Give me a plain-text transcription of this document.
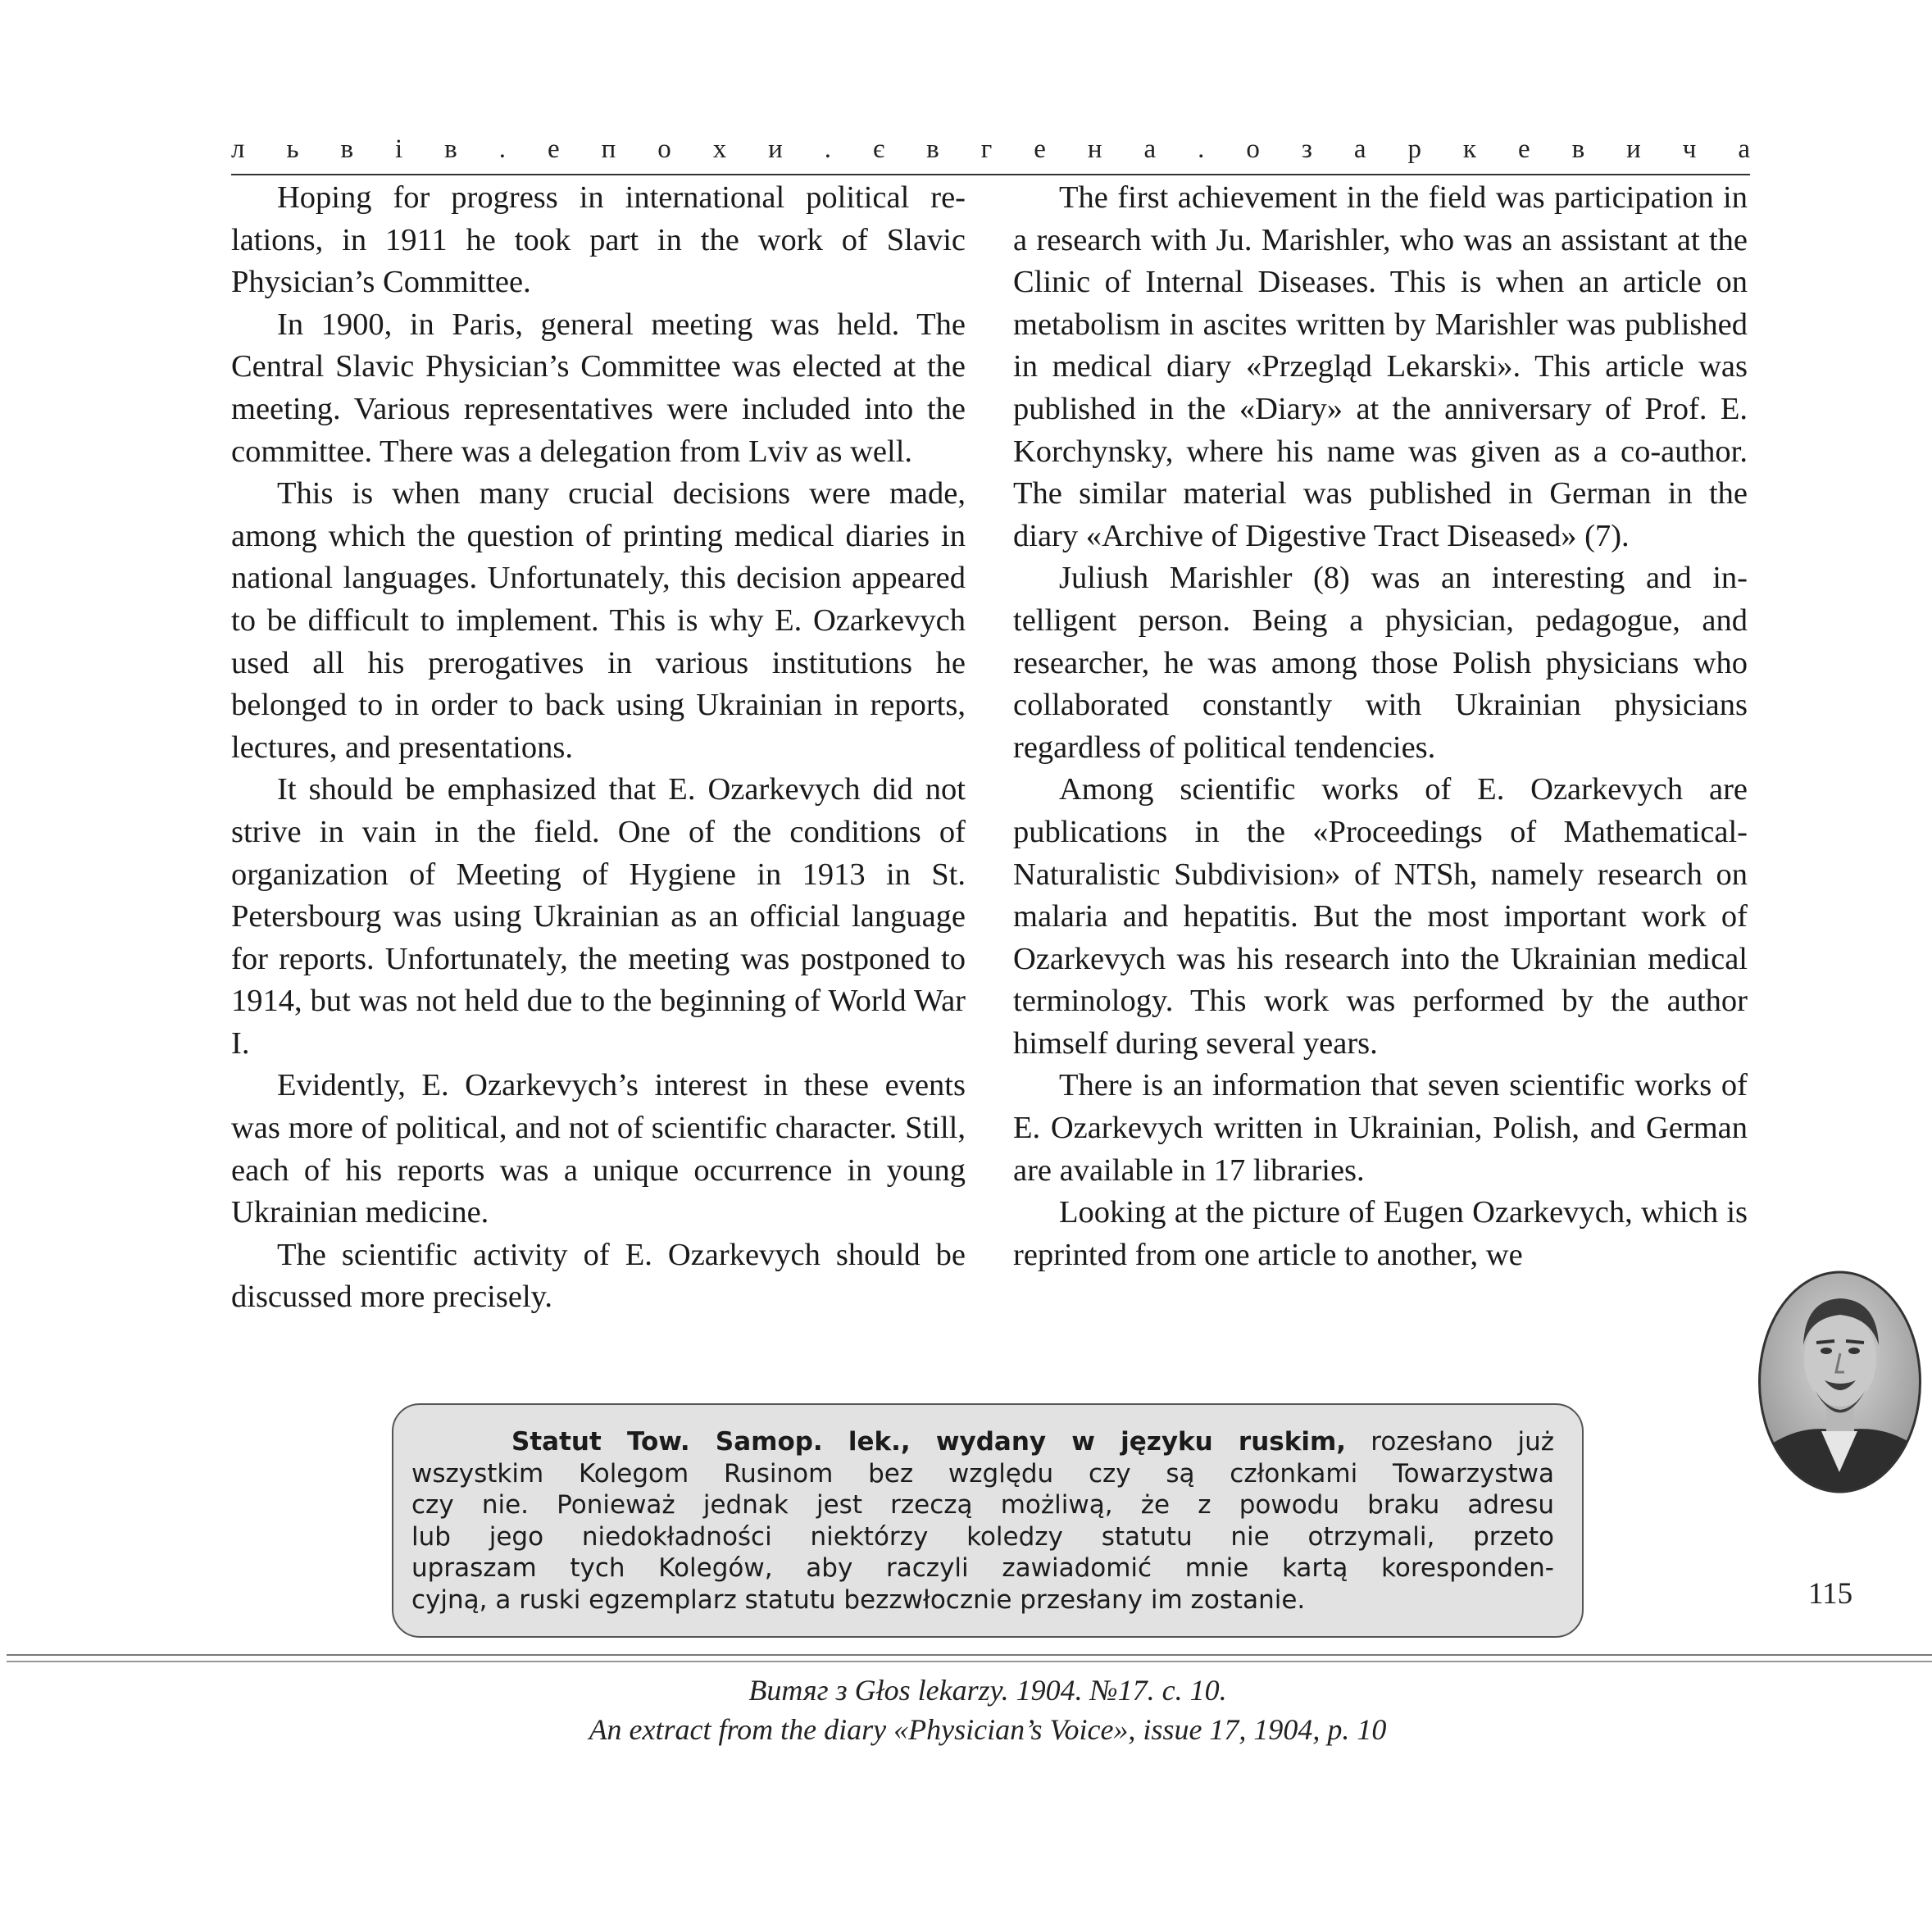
л ь в і в . е п о х и . є в г е н а . о з а р к е в и ч а

Hoping for progress in international political relations, in 1911 he took part in the work of Slavic Physician’s Committee.

In 1900, in Paris, general meeting was held. The Central Slavic Physician’s Committee was elected at the meeting. Various representatives were included into the committee. There was a delegation from Lviv as well.

This is when many crucial decisions were made, among which the question of printing medical diaries in national languages. Unfortunately, this decision appeared to be difficult to implement. This is why E. Ozarkevych used all his prerogatives in various institutions he belonged to in order to back using Ukrainian in reports, lectures, and presentations.

It should be emphasized that E. Ozarkevych did not strive in vain in the field. One of the conditions of organization of Meeting of Hygiene in 1913 in St. Petersbourg was using Ukrainian as an official language for reports. Unfortunately, the meeting was postponed to 1914, but was not held due to the beginning of World War I.

Evidently, E. Ozarkevych’s interest in these events was more of political, and not of scientific character. Still, each of his reports was a unique occurrence in young Ukrainian medicine.

The scientific activity of E. Ozarkevych should be discussed more precisely.

The first achievement in the field was participation in a research with Ju. Marishler, who was an assistant at the Clinic of Internal Diseases. This is when an article on metabolism in ascites written by Marishler was published in medical diary «Przegląd Lekarski». This article was published in the «Diary» at the anniversary of Prof. E. Korchynsky, where his name was given as a co-author. The similar material was published in German in the diary «Archive of Digestive Tract Diseased» (7).

Juliush Marishler (8) was an interesting and intelligent person. Being a physician, pedagogue, and researcher, he was among those Polish physicians who collaborated constantly with Ukrainian physicians regardless of political tendencies.

Among scientific works of E. Ozarkevych are publications in the «Proceedings of Mathematical-Naturalistic Subdivision» of NTSh, namely research on malaria and hepatitis. But the most important work of Ozarkevych was his research into the Ukrainian medical terminology. This work was performed by the author himself during several years.

There is an information that seven scientific works of E. Ozarkevych written in Ukrainian, Polish, and German are available in 17 libraries.

Looking at the picture of Eugen Ozarkevych, which is reprinted from one article to another, we

115
Statut Tow. Samop. lek., wydany w języku ruskim, rozesłano już
wszystkim Kolegom Rusinom bez względu czy są członkami Towarzystwa
czy nie. Ponieważ jednak jest rzeczą możliwą, że z powodu braku adresu
lub jego niedokładności niektórzy koledzy statutu nie otrzymali, przeto
upraszam tych Kolegów, aby raczyli zawiadomić mnie kartą koresponden-
cyjną, a ruski egzemplarz statutu bezzwłocznie przesłany im zostanie.
Витяг з Głos lekarzy. 1904. №17. с. 10.
An extract from the diary «Physician’s Voice», issue 17, 1904, p. 10
